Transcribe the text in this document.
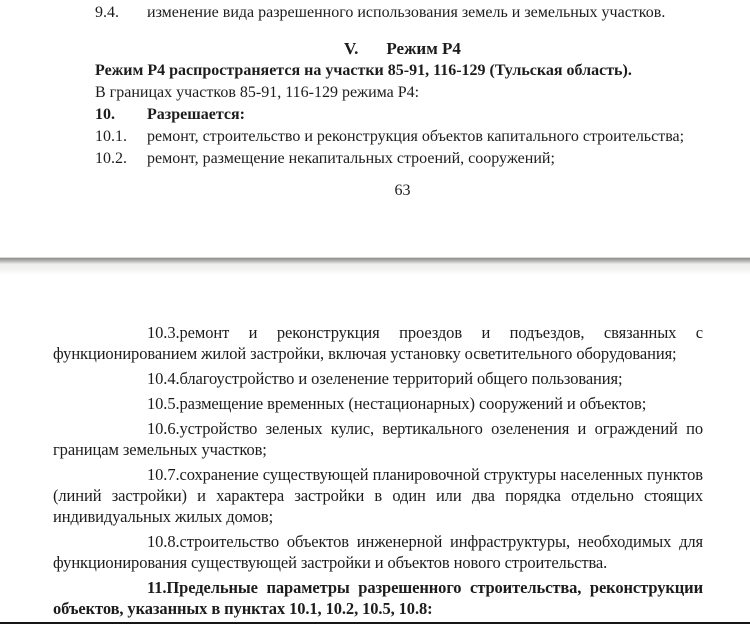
9.4. изменение вида разрешенного использования земель и земельных участков.

V. Режим Р4

Режим Р4 распространяется на участки 85-91, 116-129 (Тульская область).

В границах участков 85-91, 116-129 режима Р4:

10. Разрешается:

10.1. ремонт, строительство и реконструкция объектов капитального строительства;

10.2. ремонт, размещение некапитальных строений, сооружений;

63

10.3.ремонт и реконструкция проездов и подъездов, связанных с функционированием жилой застройки, включая установку осветительного оборудования;

10.4.благоустройство и озеленение территорий общего пользования;

10.5.размещение временных (нестационарных) сооружений и объектов;

10.6.устройство зеленых кулис, вертикального озеленения и ограждений по границам земельных участков;

10.7.сохранение существующей планировочной структуры населенных пунктов (линий застройки) и характера застройки в один или два порядка отдельно стоящих индивидуальных жилых домов;

10.8.строительство объектов инженерной инфраструктуры, необходимых для функционирования существующей застройки и объектов нового строительства.

11.Предельные параметры разрешенного строительства, реконструкции объектов, указанных в пунктах 10.1, 10.2, 10.5, 10.8:
